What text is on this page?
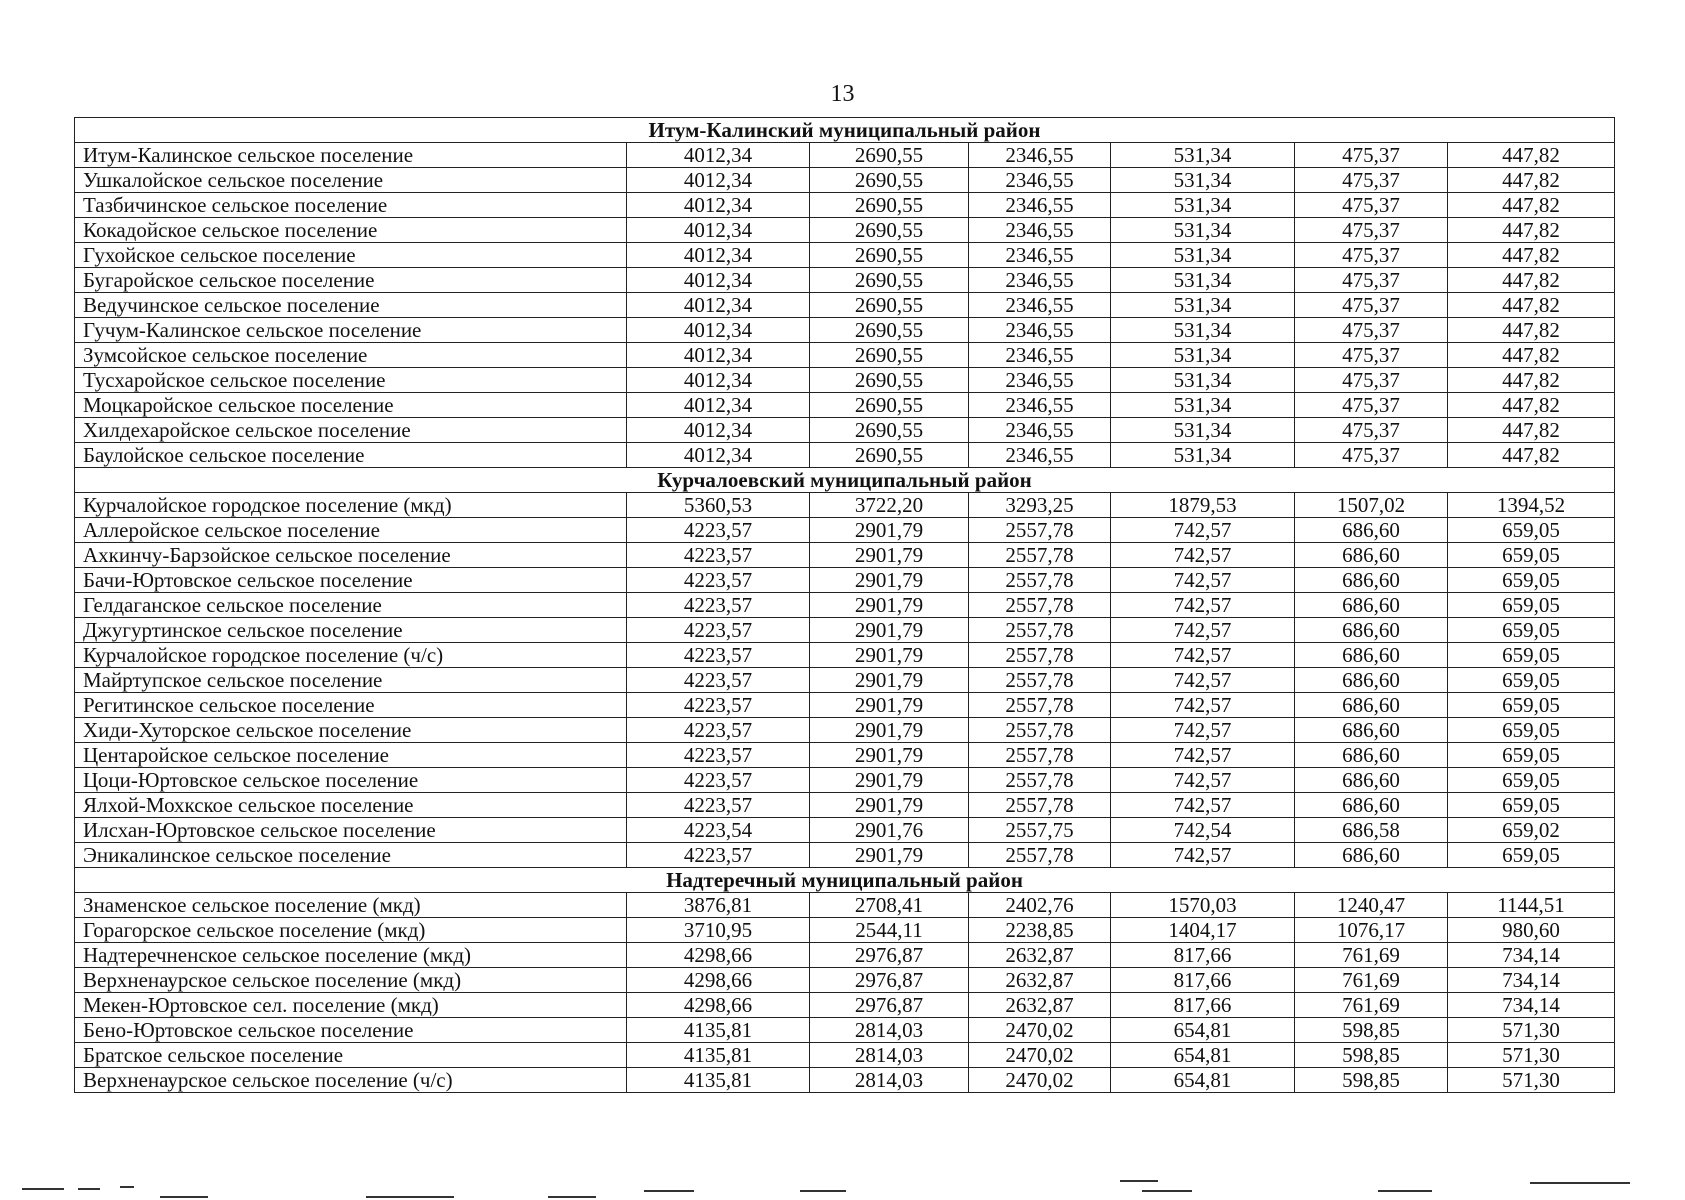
13
Итум-Калинский муниципальный район						
Итум-Калинское сельское поселение	4012,34	2690,55	2346,55	531,34	475,37	447,82
Ушкалойское сельское поселение	4012,34	2690,55	2346,55	531,34	475,37	447,82
Тазбичинское сельское поселение	4012,34	2690,55	2346,55	531,34	475,37	447,82
Кокадойское сельское поселение	4012,34	2690,55	2346,55	531,34	475,37	447,82
Гухойское сельское поселение	4012,34	2690,55	2346,55	531,34	475,37	447,82
Бугаройское сельское поселение	4012,34	2690,55	2346,55	531,34	475,37	447,82
Ведучинское сельское поселение	4012,34	2690,55	2346,55	531,34	475,37	447,82
Гучум-Калинское сельское поселение	4012,34	2690,55	2346,55	531,34	475,37	447,82
Зумсойское сельское поселение	4012,34	2690,55	2346,55	531,34	475,37	447,82
Тусхаройское сельское поселение	4012,34	2690,55	2346,55	531,34	475,37	447,82
Моцкаройское сельское поселение	4012,34	2690,55	2346,55	531,34	475,37	447,82
Хилдехаройское сельское поселение	4012,34	2690,55	2346,55	531,34	475,37	447,82
Баулойское сельское поселение	4012,34	2690,55	2346,55	531,34	475,37	447,82
Курчалоевский муниципальный район						
Курчалойское городское поселение (мкд)	5360,53	3722,20	3293,25	1879,53	1507,02	1394,52
Аллеройское сельское поселение	4223,57	2901,79	2557,78	742,57	686,60	659,05
Ахкинчу-Барзойское сельское поселение	4223,57	2901,79	2557,78	742,57	686,60	659,05
Бачи-Юртовское сельское поселение	4223,57	2901,79	2557,78	742,57	686,60	659,05
Гелдаганское сельское поселение	4223,57	2901,79	2557,78	742,57	686,60	659,05
Джугуртинское сельское поселение	4223,57	2901,79	2557,78	742,57	686,60	659,05
Курчалойское городское поселение (ч/с)	4223,57	2901,79	2557,78	742,57	686,60	659,05
Майртупское сельское поселение	4223,57	2901,79	2557,78	742,57	686,60	659,05
Регитинское сельское поселение	4223,57	2901,79	2557,78	742,57	686,60	659,05
Хиди-Хуторское сельское поселение	4223,57	2901,79	2557,78	742,57	686,60	659,05
Центаройское сельское поселение	4223,57	2901,79	2557,78	742,57	686,60	659,05
Цоци-Юртовское сельское поселение	4223,57	2901,79	2557,78	742,57	686,60	659,05
Ялхой-Мохкское сельское поселение	4223,57	2901,79	2557,78	742,57	686,60	659,05
Илсхан-Юртовское сельское поселение	4223,54	2901,76	2557,75	742,54	686,58	659,02
Эникалинское сельское поселение	4223,57	2901,79	2557,78	742,57	686,60	659,05
Надтеречный муниципальный район						
Знаменское сельское поселение (мкд)	3876,81	2708,41	2402,76	1570,03	1240,47	1144,51
Горагорское сельское поселение (мкд)	3710,95	2544,11	2238,85	1404,17	1076,17	980,60
Надтеречненское сельское поселение (мкд)	4298,66	2976,87	2632,87	817,66	761,69	734,14
Верхненаурское сельское поселение (мкд)	4298,66	2976,87	2632,87	817,66	761,69	734,14
Мекен-Юртовское сел. поселение (мкд)	4298,66	2976,87	2632,87	817,66	761,69	734,14
Бено-Юртовское сельское поселение	4135,81	2814,03	2470,02	654,81	598,85	571,30
Братское сельское поселение	4135,81	2814,03	2470,02	654,81	598,85	571,30
Верхненаурское сельское поселение (ч/с)	4135,81	2814,03	2470,02	654,81	598,85	571,30
